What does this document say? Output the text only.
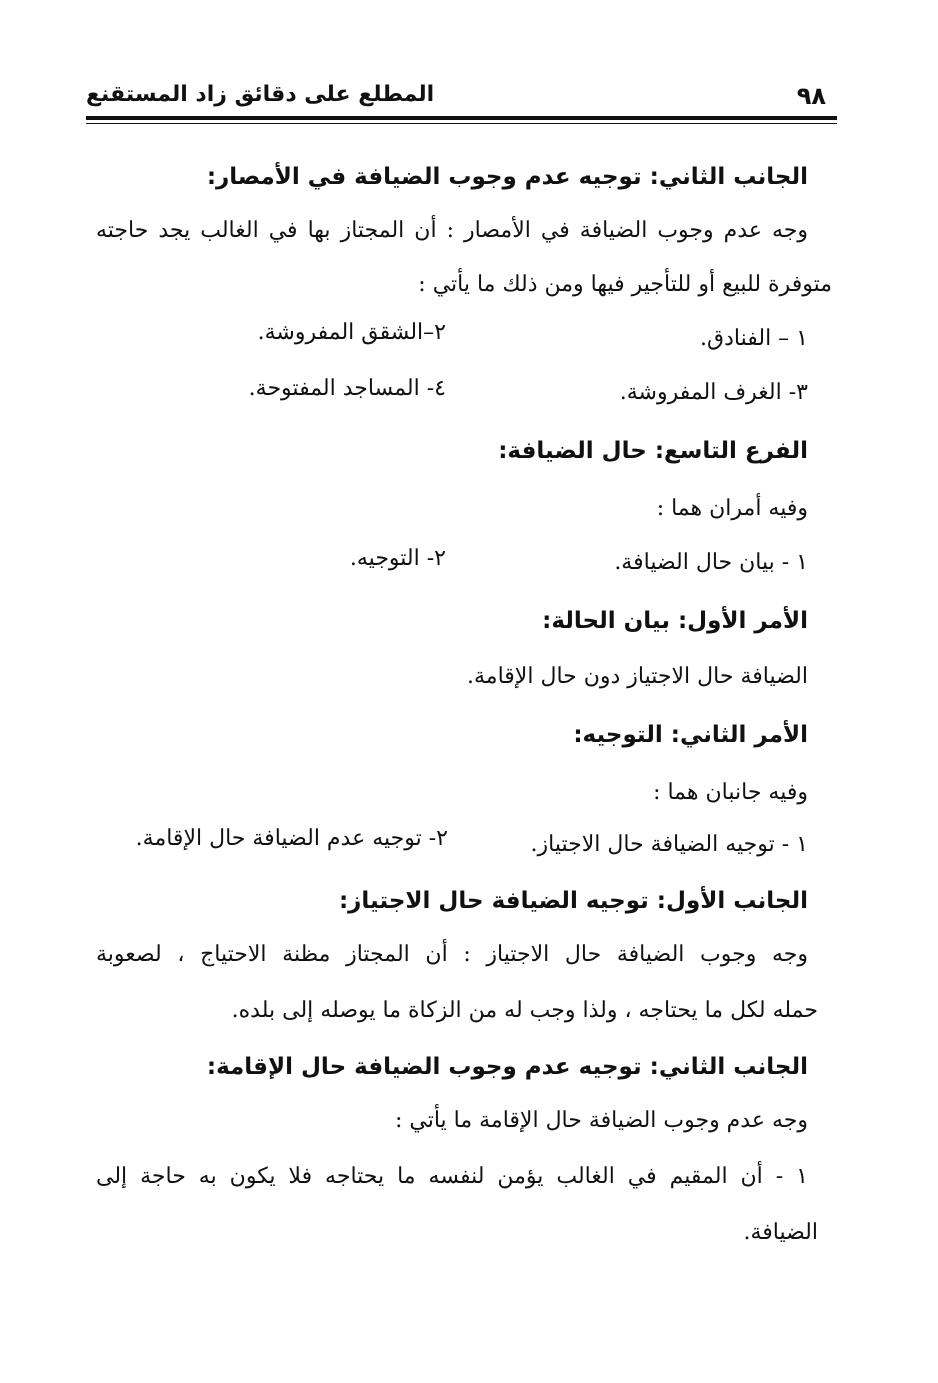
٩٨
المطلع على دقائق زاد المستقنع
الجانب الثاني: توجيه عدم وجوب الضيافة في الأمصار:
وجه عدم وجوب الضيافة في الأمصار : أن المجتاز بها في الغالب يجد حاجته
متوفرة للبيع أو للتأجير فيها ومن ذلك ما يأتي :
١ – الفنادق.
٢–الشقق المفروشة.
٣- الغرف المفروشة.
٤- المساجد المفتوحة.
الفرع التاسع: حال الضيافة:
وفيه أمران هما :
١ - بيان حال الضيافة.
٢- التوجيه.
الأمر الأول: بيان الحالة:
الضيافة حال الاجتياز دون حال الإقامة.
الأمر الثاني: التوجيه:
وفيه جانبان هما :
١ - توجيه الضيافة حال الاجتياز.
٢- توجيه عدم الضيافة حال الإقامة.
الجانب الأول: توجيه الضيافة حال الاجتياز:
وجه وجوب الضيافة حال الاجتياز : أن المجتاز مظنة الاحتياج ، لصعوبة
حمله لكل ما يحتاجه ، ولذا وجب له من الزكاة ما يوصله إلى بلده.
الجانب الثاني: توجيه عدم وجوب الضيافة حال الإقامة:
وجه عدم وجوب الضيافة حال الإقامة ما يأتي :
١ - أن المقيم في الغالب يؤمن لنفسه ما يحتاجه فلا يكون به حاجة إلى
الضيافة.
